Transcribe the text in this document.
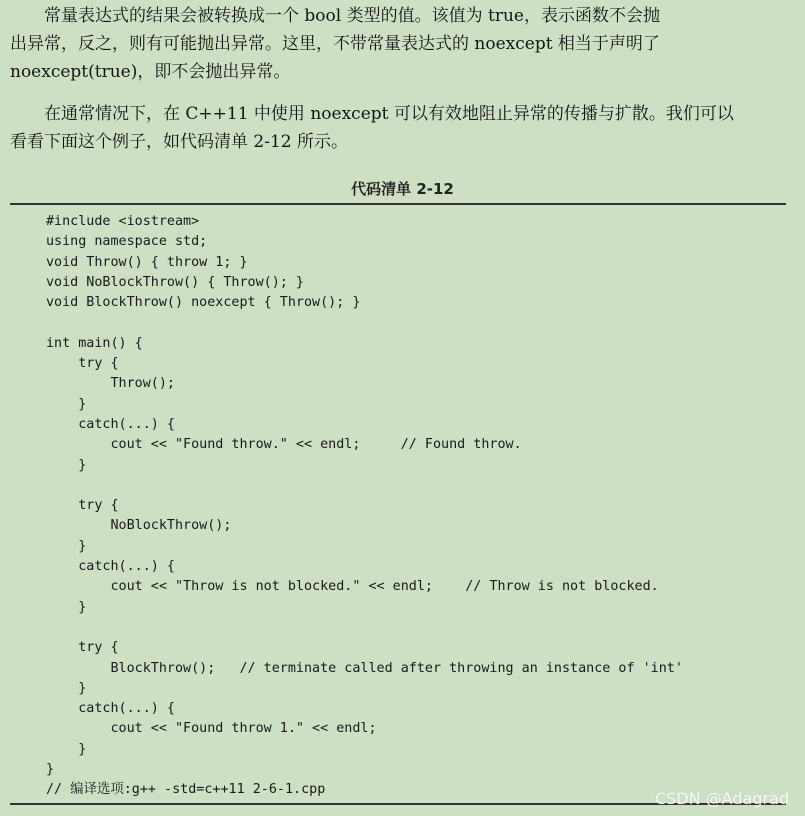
　　常量表达式的结果会被转换成一个 bool 类型的值。该值为 true，表示函数不会抛
出异常，反之，则有可能抛出异常。这里，不带常量表达式的 noexcept 相当于声明了
noexcept(true)，即不会抛出异常。
　　在通常情况下，在 C++11 中使用 noexcept 可以有效地阻止异常的传播与扩散。我们可以
看看下面这个例子，如代码清单 2-12 所示。
代码清单 2-12
#include <iostream>
using namespace std;
void Throw() { throw 1; }
void NoBlockThrow() { Throw(); }
void BlockThrow() noexcept { Throw(); }
int main() {
try {
Throw();
}
catch(...) {
cout << "Found throw." << endl;     // Found throw.
}
try {
NoBlockThrow();
}
catch(...) {
cout << "Throw is not blocked." << endl;    // Throw is not blocked.
}
try {
BlockThrow();   // terminate called after throwing an instance of 'int'
}
catch(...) {
cout << "Found throw 1." << endl;
}
}
// 编译选项:g++ -std=c++11 2-6-1.cpp	CSDN @Adagrad
